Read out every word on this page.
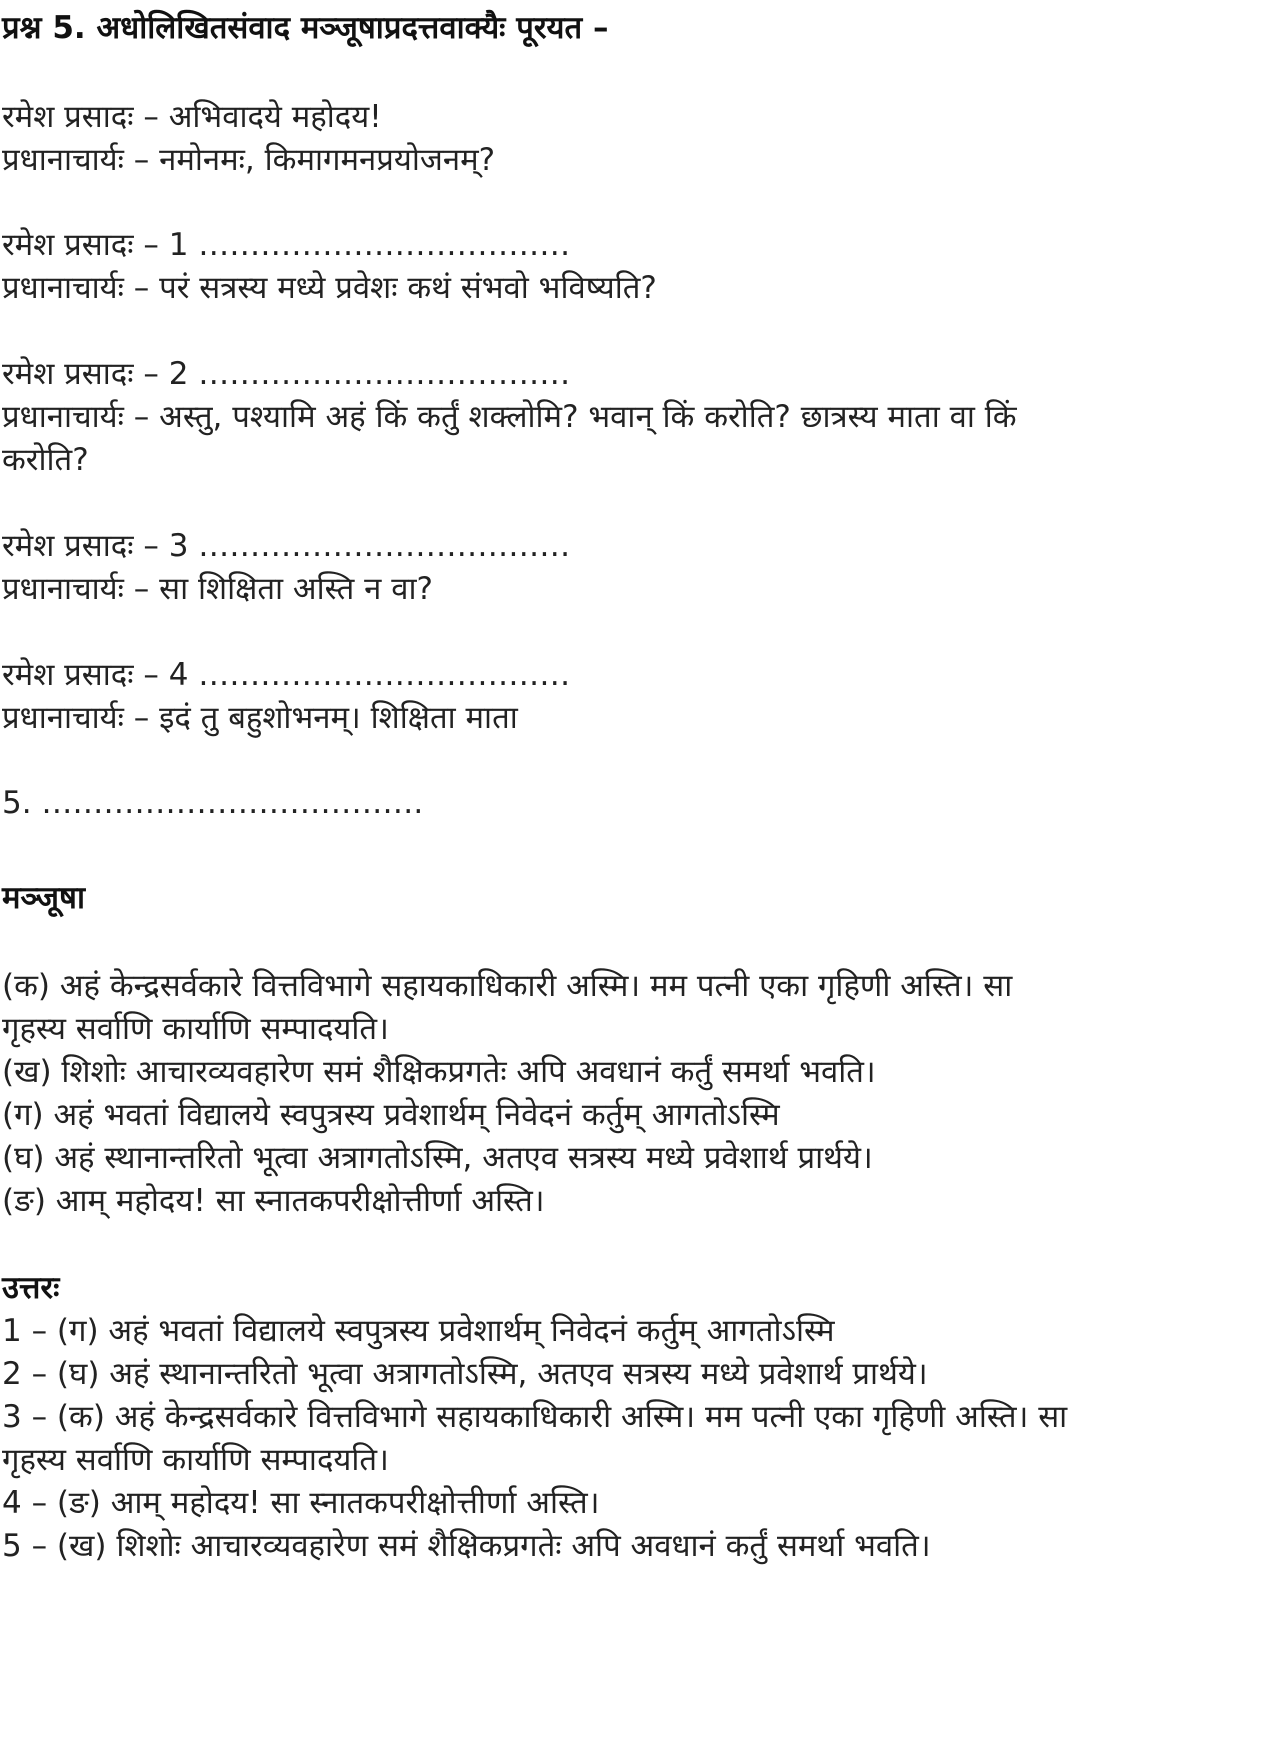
प्रश्न 5. अधोलिखितसंवाद मञ्जूषाप्रदत्तवाक्यैः पूरयत –
रमेश प्रसादः – अभिवादये महोदय!
प्रधानाचार्यः – नमोनमः, किमागमनप्रयोजनम्?
रमेश प्रसादः – 1 ………………………………
प्रधानाचार्यः – परं सत्रस्य मध्ये प्रवेशः कथं संभवो भविष्यति?
रमेश प्रसादः – 2 ………………………………
प्रधानाचार्यः – अस्तु, पश्यामि अहं किं कर्तुं शक्लोमि? भवान् किं करोति? छात्रस्य माता वा किं
करोति?
रमेश प्रसादः – 3 ………………………………
प्रधानाचार्यः – सा शिक्षिता अस्ति न वा?
रमेश प्रसादः – 4 ………………………………
प्रधानाचार्यः – इदं तु बहुशोभनम्। शिक्षिता माता
5. ……………………………….
मञ्जूषा
(क) अहं केन्द्रसर्वकारे वित्तविभागे सहायकाधिकारी अस्मि। मम पत्नी एका गृहिणी अस्ति। सा
गृहस्य सर्वाणि कार्याणि सम्पादयति।
(ख) शिशोः आचारव्यवहारेण समं शैक्षिकप्रगतेः अपि अवधानं कर्तुं समर्था भवति।
(ग) अहं भवतां विद्यालये स्वपुत्रस्य प्रवेशार्थम् निवेदनं कर्तुम् आगतोऽस्मि
(घ) अहं स्थानान्तरितो भूत्वा अत्रागतोऽस्मि, अतएव सत्रस्य मध्ये प्रवेशार्थ प्रार्थये।
(ङ) आम् महोदय! सा स्नातकपरीक्षोत्तीर्णा अस्ति।
उत्तरः
1 – (ग) अहं भवतां विद्यालये स्वपुत्रस्य प्रवेशार्थम् निवेदनं कर्तुम् आगतोऽस्मि
2 – (घ) अहं स्थानान्तरितो भूत्वा अत्रागतोऽस्मि, अतएव सत्रस्य मध्ये प्रवेशार्थ प्रार्थये।
3 – (क) अहं केन्द्रसर्वकारे वित्तविभागे सहायकाधिकारी अस्मि। मम पत्नी एका गृहिणी अस्ति। सा
गृहस्य सर्वाणि कार्याणि सम्पादयति।
4 – (ङ) आम् महोदय! सा स्नातकपरीक्षोत्तीर्णा अस्ति।
5 – (ख) शिशोः आचारव्यवहारेण समं शैक्षिकप्रगतेः अपि अवधानं कर्तुं समर्था भवति।
